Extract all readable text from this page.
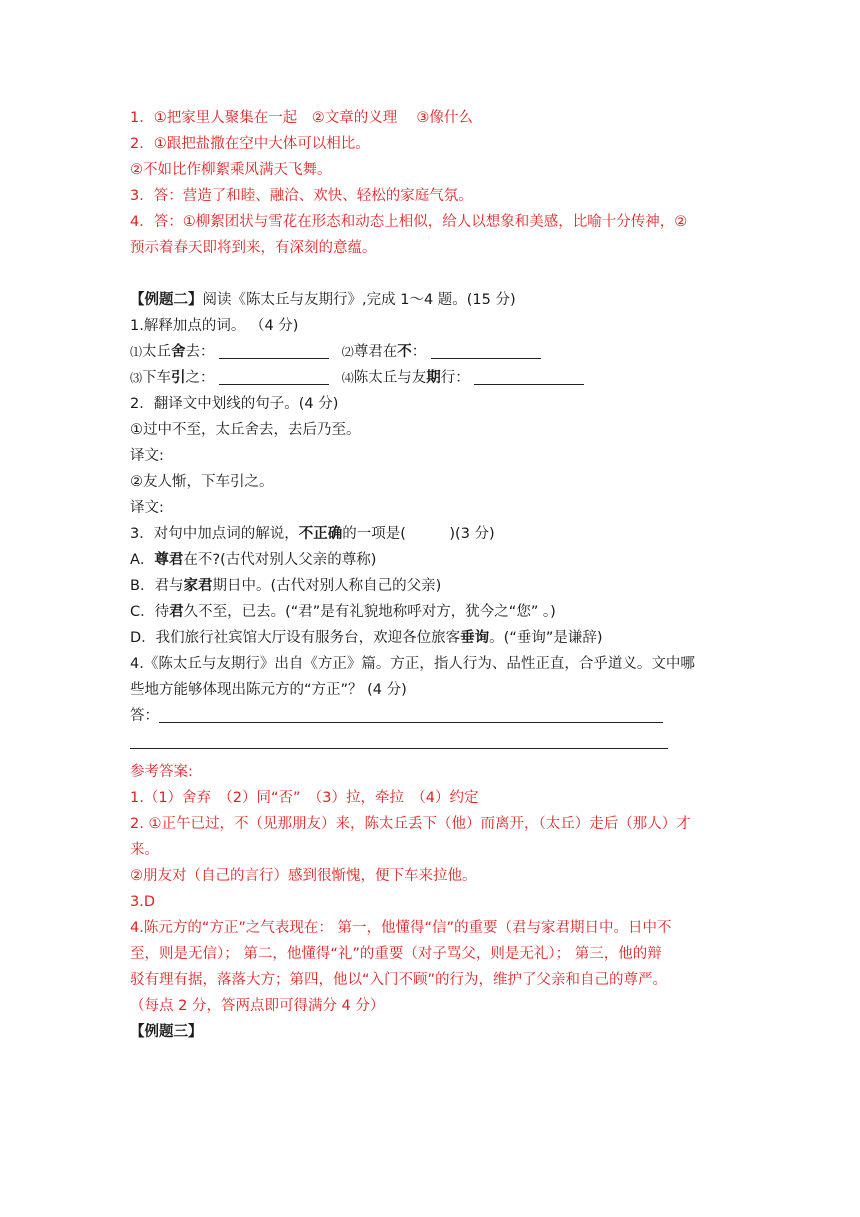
1．①把家里人聚集在一起　②文章的义理　 ③像什么
2．①跟把盐撒在空中大体可以相比。
②不如比作柳絮乘风满天飞舞。
3．答：营造了和睦、融洽、欢快、轻松的家庭气氛。
4．答：①柳絮团状与雪花在形态和动态上相似，给人以想象和美感，比喻十分传神，②
预示着春天即将到来，有深刻的意蕴。
【例题二】阅读《陈太丘与友期行》,完成 1～4 题。(15 分)
1.解释加点的词。 （4 分)
⑴太丘舍去：	⑵尊君在不：
⑶下车引之：	⑷陈太丘与友期行：
2．翻译文中划线的句子。(4 分)
①过中不至，太丘舍去，去后乃至。
译文:
②友人惭，下车引之。
译文:
3．对句中加点词的解说，不正确的一项是(　　　)(3 分)
A．尊君在不?(古代对别人父亲的尊称)
B．君与家君期日中。(古代对别人称自己的父亲)
C．待君久不至，已去。(“君”是有礼貌地称呼对方，犹今之“您” 。)
D．我们旅行社宾馆大厅设有服务台，欢迎各位旅客垂询。(“垂询”是谦辞)
4.《陈太丘与友期行》出自《方正》篇。方正，指人行为、品性正直，合乎道义。文中哪
些地方能够体现出陈元方的“方正”？ (4 分)
答：
参考答案:
1.（1）舍弃　（2）同“否”　（3）拉，牵拉　（4）约定
2. ①正午已过，不（见那朋友）来，陈太丘丢下（他）而离开，（太丘）走后（那人）才
来。
②朋友对（自己的言行）感到很惭愧，便下车来拉他。
3.D
4.陈元方的“方正”之气表现在： 第一，他懂得“信”的重要（君与家君期日中。日中不
至，则是无信）； 第二，他懂得“礼”的重要（对子骂父，则是无礼）； 第三，他的辩
驳有理有据，落落大方；第四，他以“入门不顾”的行为，维护了父亲和自己的尊严。
（每点 2 分，答两点即可得满分 4 分）
【例题三】
